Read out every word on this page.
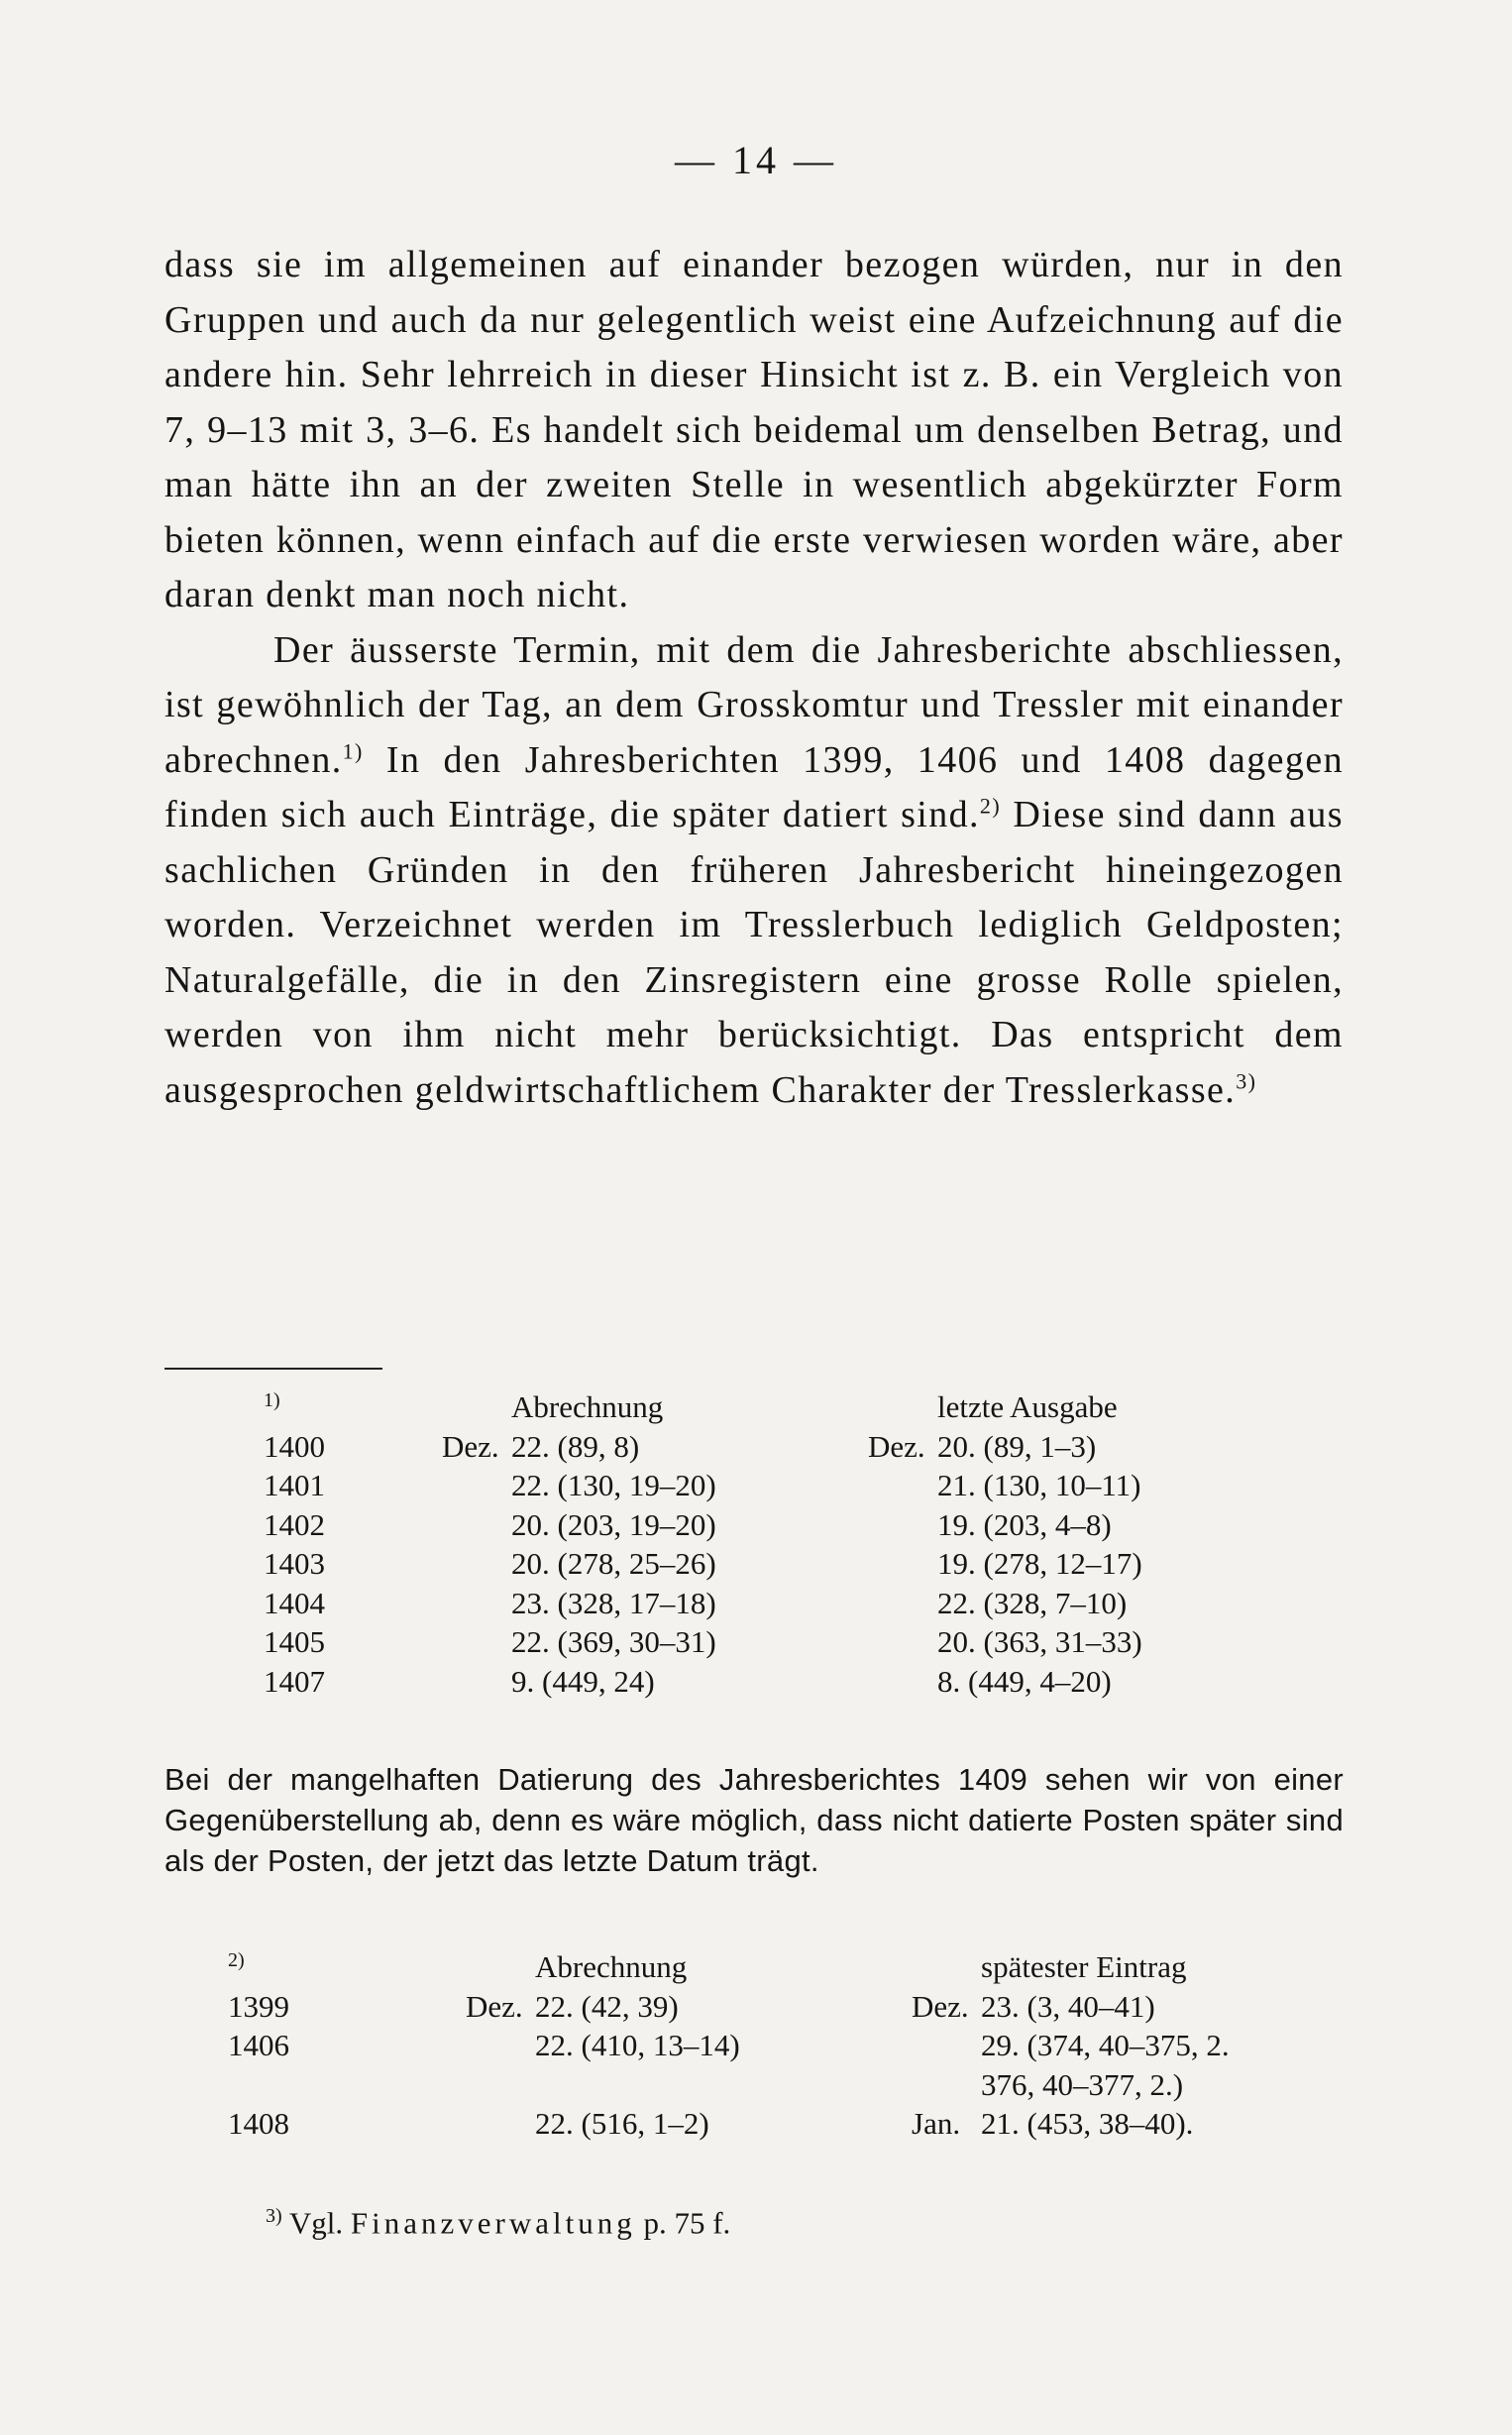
— 14 —

dass sie im allgemeinen auf einander bezogen würden, nur in den Gruppen und auch da nur gelegentlich weist eine Aufzeichnung auf die andere hin. Sehr lehrreich in dieser Hinsicht ist z. B. ein Vergleich von 7, 9–13 mit 3, 3–6. Es handelt sich beidemal um denselben Betrag, und man hätte ihn an der zweiten Stelle in wesentlich abgekürzter Form bieten können, wenn einfach auf die erste verwiesen worden wäre, aber daran denkt man noch nicht.

Der äusserste Termin, mit dem die Jahresberichte abschliessen, ist gewöhnlich der Tag, an dem Grosskomtur und Tressler mit einander abrechnen.$^{1)}$ In den Jahresberichten 1399, 1406 und 1408 dagegen finden sich auch Einträge, die später datiert sind.$^{2)}$ Diese sind dann aus sachlichen Gründen in den früheren Jahresbericht hineingezogen worden. Verzeichnet werden im Tresslerbuch lediglich Geldposten; Naturalgefälle, die in den Zinsregistern eine grosse Rolle spielen, werden von ihm nicht mehr berücksichtigt. Das entspricht dem ausgesprochen geldwirtschaftlichem Charakter der Tresslerkasse.$^{3)}$

$^{1)}$		Abrechnung		letzte Ausgabe
1400	Dez.	22. (89, 8)	Dez.	20. (89, 1–3)
1401		22. (130, 19–20)		21. (130, 10–11)
1402		20. (203, 19–20)		19. (203, 4–8)
1403		20. (278, 25–26)		19. (278, 12–17)
1404		23. (328, 17–18)		22. (328, 7–10)
1405		22. (369, 30–31)		20. (363, 31–33)
1407		9. (449, 24)		8. (449, 4–20)
Bei der mangelhaften Datierung des Jahresberichtes 1409 sehen wir von einer Gegenüberstellung ab, denn es wäre möglich, dass nicht datierte Posten später sind als der Posten, der jetzt das letzte Datum trägt.
$^{2)}$		Abrechnung		spätester Eintrag
1399	Dez.	22. (42, 39)	Dez.	23. (3, 40–41)
1406		22. (410, 13–14)		29. (374, 40–375, 2.
				376, 40–377, 2.)
1408		22. (516, 1–2)	Jan.	21. (453, 38–40).
$^{3)}$ Vgl. Finanzverwaltung p. 75 f.
